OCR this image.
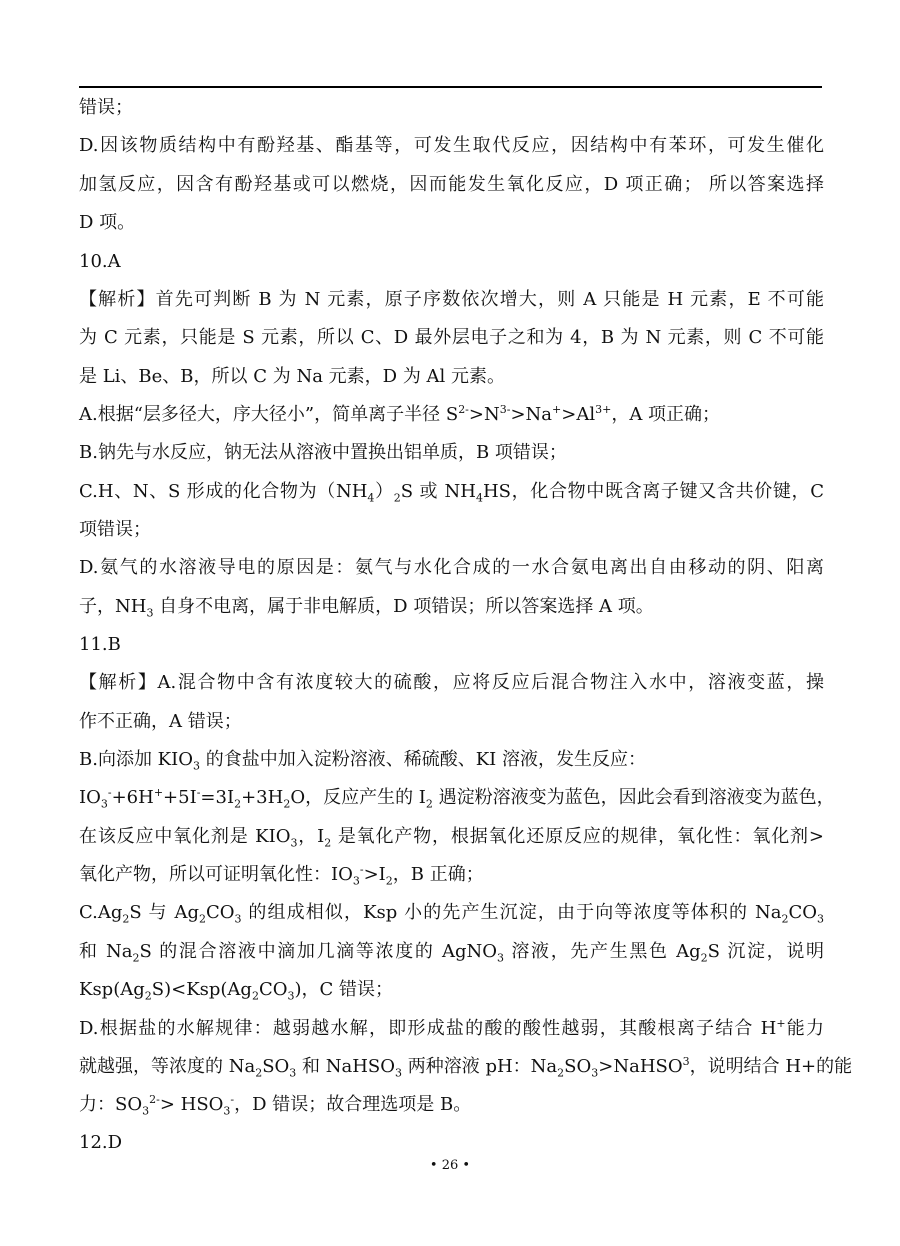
错误；
D.因该物质结构中有酚羟基、酯基等，可发生取代反应，因结构中有苯环，可发生催化
加氢反应，因含有酚羟基或可以燃烧，因而能发生氧化反应，D 项正确； 所以答案选择
D 项。
10.A
【解析】首先可判断 B 为 N 元素，原子序数依次增大，则 A 只能是 H 元素，E 不可能
为 C 元素，只能是 S 元素，所以 C、D 最外层电子之和为 4，B 为 N 元素，则 C 不可能
是 Li、Be、B，所以 C 为 Na 元素，D 为 Al 元素。
A.根据“层多径大，序大径小”，简单离子半径 $S^{2-}>N^{3-}>Na^+>Al^{3+}$，A 项正确；
B.钠先与水反应，钠无法从溶液中置换出铝单质，B 项错误；
C.H、N、S 形成的化合物为$(NH_4)_2S$ 或 $NH_4HS$，化合物中既含离子键又含共价键，C
项错误；
D.氨气的水溶液导电的原因是：氨气与水化合成的一水合氨电离出自由移动的阴、阳离
子，$NH_3$ 自身不电离，属于非电解质，D 项错误；所以答案选择 A 项。
11.B
【解析】A.混合物中含有浓度较大的硫酸，应将反应后混合物注入水中，溶液变蓝，操
作不正确，A 错误；
B.向添加 $KIO_3$ 的食盐中加入淀粉溶液、稀硫酸、KI 溶液，发生反应：
$IO_3^-+6H^++5I^-=3I_2+3H_2O$，反应产生的 $I_2$ 遇淀粉溶液变为蓝色，因此会看到溶液变为蓝色，
在该反应中氧化剂是 $KIO_3$，$I_2$ 是氧化产物，根据氧化还原反应的规律，氧化性：氧化剂>
氧化产物，所以可证明氧化性：$IO_3^->I_2$，B 正确；
$C.Ag_2S$ 与 $Ag_2CO_3$ 的组成相似，Ksp 小的先产生沉淀，由于向等浓度等体积的 $Na_2CO_3$
和 $Na_2S$ 的混合溶液中滴加几滴等浓度的 AgNO$_3$ 溶液，先产生黑色 $Ag_2S$ 沉淀，说明
$Ksp(Ag_2S)<Ksp(Ag_2CO_3)$，C 错误；
D.根据盐的水解规律：越弱越水解，即形成盐的酸的酸性越弱，其酸根离子结合 H+能力
就越强，等浓度的 $Na_2SO_3$ 和 NaHSO$_3$ 两种溶液 pH：$Na_2SO_3>NaHSO^3$，说明结合 H+的能
力：$SO_3^{2-}> HSO_3^-$，D 错误；故合理选项是 B。
12.D
• 26 •
